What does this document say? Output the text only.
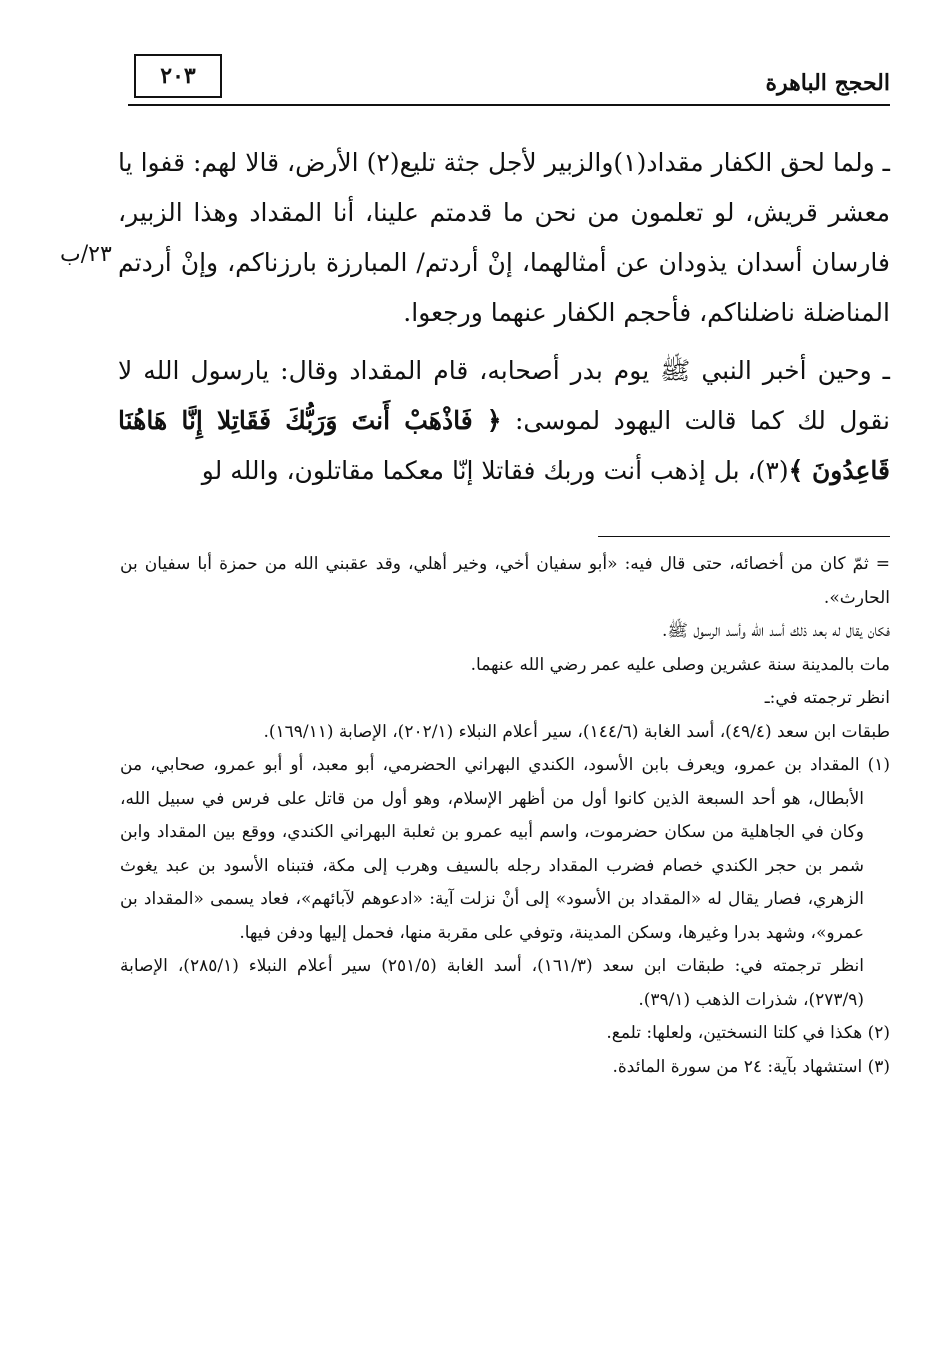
الحجج الباهرة
٢٠٣
٢٣/ب

ـ ولما لحق الكفار مقداد(١)والزبير لأجل جثة تليع(٢) الأرض، قالا لهم: قفوا يا معشر قريش، لو تعلمون من نحن ما قدمتم علينا، أنا المقداد وهذا الزبير، فارسان أسدان يذودان عن أمثالهما، إنْ أردتم/ المبارزة بارزناكم، وإنْ أردتم المناضلة ناضلناكم، فأحجم الكفار عنهما ورجعوا.

ـ وحين أخبر النبي ﷺ يوم بدر أصحابه، قام المقداد وقال: يارسول الله لا نقول لك كما قالت اليهود لموسى: ﴿ فَاذْهَبْ أَنتَ وَرَبُّكَ فَقَاتِلا إِنَّا هَاهُنَا قَاعِدُونَ ﴾(٣)، بل إذهب أنت وربك فقاتلا إنّا معكما مقاتلون، والله لو

= ثمّ كان من أخصائه، حتى قال فيه: «أبو سفيان أخي، وخير أهلي، وقد عقبني الله من حمزة أبا سفيان بن الحارث».

فكان يقال له بعد ذلك أسد الله وأسد الرسول ﷺ.

مات بالمدينة سنة عشرين وصلى عليه عمر رضي الله عنهما.

انظر ترجمته في:ـ

طبقات ابن سعد (٤٩/٤)، أسد الغابة (١٤٤/٦)، سير أعلام النبلاء (٢٠٢/١)، الإصابة (١٦٩/١١).

(١) المقداد بن عمرو، ويعرف بابن الأسود، الكندي البهراني الحضرمي، أبو معبد، أو أبو عمرو، صحابي، من الأبطال، هو أحد السبعة الذين كانوا أول من أظهر الإسلام، وهو أول من قاتل على فرس في سبيل الله، وكان في الجاهلية من سكان حضرموت، واسم أبيه عمرو بن ثعلبة البهراني الكندي، ووقع بين المقداد وابن شمر بن حجر الكندي خصام فضرب المقداد رجله بالسيف وهرب إلى مكة، فتبناه الأسود بن عبد يغوث الزهري، فصار يقال له «المقداد بن الأسود» إلى أنْ نزلت آية: «ادعوهم لآبائهم»، فعاد يسمى «المقداد بن عمرو»، وشهد بدرا وغيرها، وسكن المدينة، وتوفي على مقربة منها، فحمل إليها ودفن فيها.

انظر ترجمته في: طبقات ابن سعد (١٦١/٣)، أسد الغابة (٢٥١/٥) سير أعلام النبلاء (٢٨٥/١)، الإصابة (٢٧٣/٩)، شذرات الذهب (٣٩/١).

(٢) هكذا في كلتا النسختين، ولعلها: تلمع.

(٣) استشهاد بآية: ٢٤ من سورة المائدة.
